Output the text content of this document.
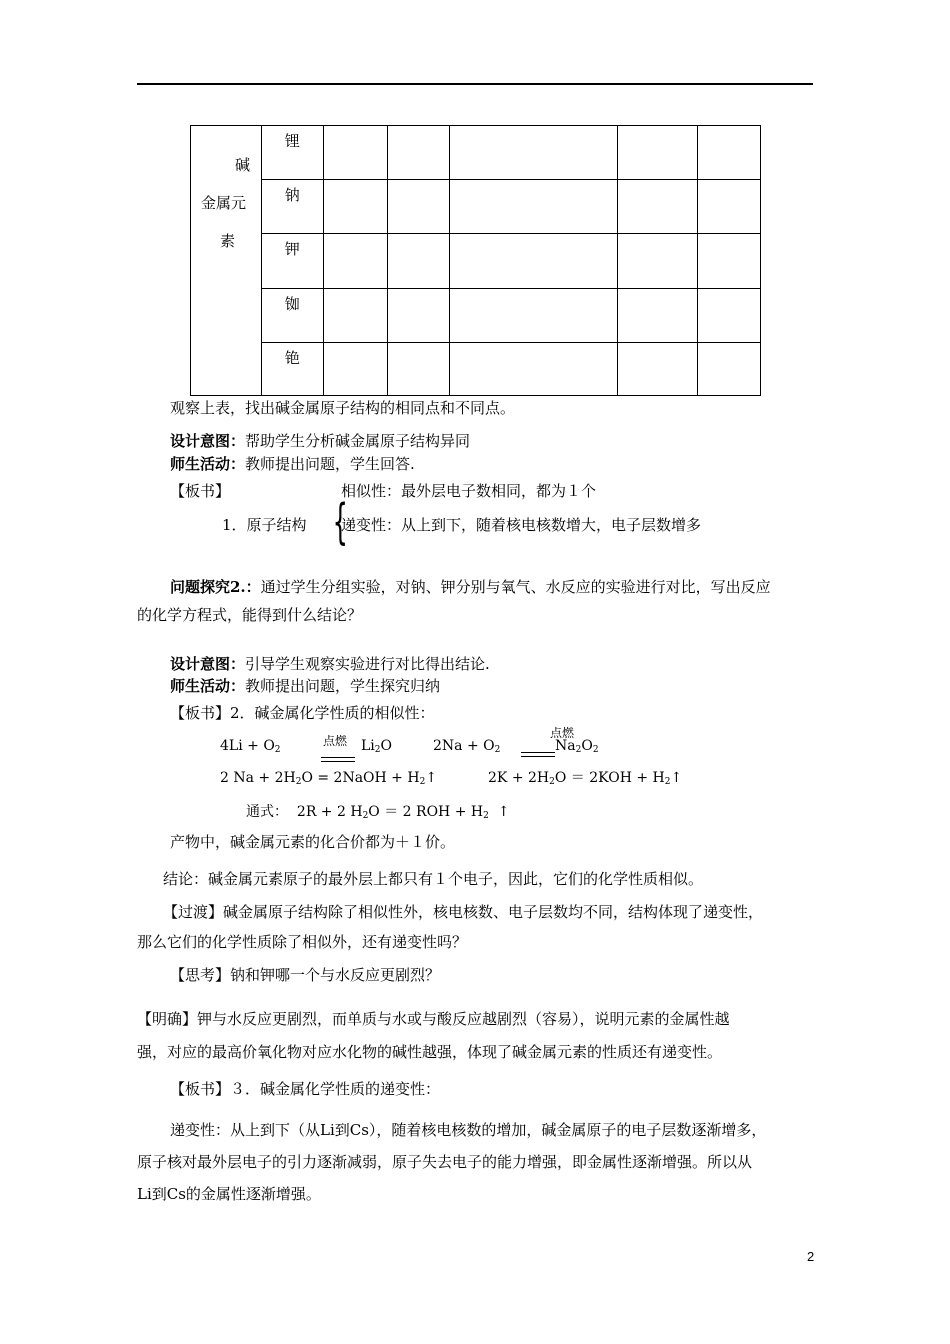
碱
金属元
素	锂					
	钠					
	钾					
	铷					
	铯					
观察上表，找出碱金属原子结构的相同点和不同点。
设计意图：帮助学生分析碱金属原子结构异同
师生活动：教师提出问题，学生回答.
【板书】	相似性：最外层电子数相同，都为１个
1．原子结构 {
递变性：从上到下，随着核电核数增大，电子层数增多
问题探究2.：通过学生分组实验，对钠、钾分别与氧气、水反应的实验进行对比，写出反应
的化学方程式，能得到什么结论？
设计意图：引导学生观察实验进行对比得出结论.
师生活动：教师提出问题，学生探究归纳
【板书】2．碱金属化学性质的相似性：
$4Li + O_2$
点燃 $Li_2O$	$2Na + O_2$
点燃
$Na_2O_2$
2 $Na + 2H_2O$ = 2NaOH + $H_2↑$	$2K + 2H_2O = 2KOH$ + $H_2↑$
通式： 2R + 2 $H_2O = 2$ ROH + $H_2$ ↑
产物中，碱金属元素的化合价都为＋１价。
结论：碱金属元素原子的最外层上都只有１个电子，因此，它们的化学性质相似。
【过渡】碱金属原子结构除了相似性外，核电核数、电子层数均不同，结构体现了递变性，
那么它们的化学性质除了相似外，还有递变性吗？
【思考】钠和钾哪一个与水反应更剧烈？
【明确】钾与水反应更剧烈，而单质与水或与酸反应越剧烈（容易），说明元素的金属性越
强，对应的最高价氧化物对应水化物的碱性越强，体现了碱金属元素的性质还有递变性。
【板书】３．碱金属化学性质的递变性：
递变性：从上到下（从Li到Cs），随着核电核数的增加，碱金属原子的电子层数逐渐增多，
原子核对最外层电子的引力逐渐减弱，原子失去电子的能力增强，即金属性逐渐增强。所以从
Li到Cs的金属性逐渐增强。
2
